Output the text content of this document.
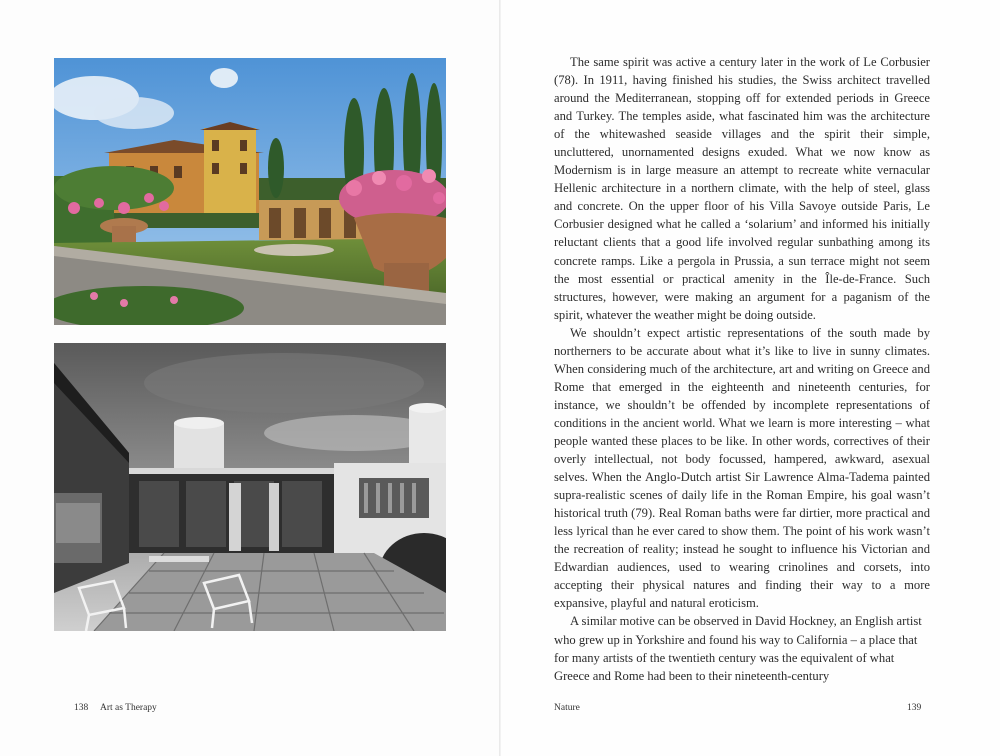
138 Art as Therapy

The same spirit was active a century later in the work of Le Corbusier (78). In 1911, having finished his studies, the Swiss architect travelled around the Mediterranean, stopping off for extended periods in Greece and Turkey. The temples aside, what fascinated him was the architecture of the whitewashed seaside villages and the spirit their simple, uncluttered, unornamented designs exuded. What we now know as Modernism is in large measure an attempt to recreate white vernacular Hellenic architecture in a northern climate, with the help of steel, glass and concrete. On the upper floor of his Villa Savoye outside Paris, Le Corbusier designed what he called a ‘solarium’ and informed his initially reluctant clients that a good life involved regular sunbathing among its concrete ramps. Like a pergola in Prussia, a sun terrace might not seem the most essential or practical amenity in the Île-de-France. Such structures, however, were making an argument for a paganism of the spirit, whatever the weather might be doing outside.

We shouldn’t expect artistic representations of the south made by northerners to be accurate about what it’s like to live in sunny climates. When considering much of the architecture, art and writing on Greece and Rome that emerged in the eighteenth and nineteenth centuries, for instance, we shouldn’t be offended by incomplete representations of conditions in the ancient world. What we learn is more interesting – what people wanted these places to be like. In other words, correctives of their overly intellectual, not body focussed, hampered, awkward, asexual selves. When the Anglo-Dutch artist Sir Lawrence Alma-Tadema painted supra-realistic scenes of daily life in the Roman Empire, his goal wasn’t historical truth (79). Real Roman baths were far dirtier, more practical and less lyrical than he ever cared to show them. The point of his work wasn’t the recreation of reality; instead he sought to influence his Victorian and Edwardian audiences, used to wearing crinolines and corsets, into accepting their physical natures and finding their way to a more expansive, playful and natural eroticism.

A similar motive can be observed in David Hockney, an English artist who grew up in Yorkshire and found his way to California – a place that for many artists of the twentieth century was the equivalent of what Greece and Rome had been to their nineteenth-century

Nature	139
